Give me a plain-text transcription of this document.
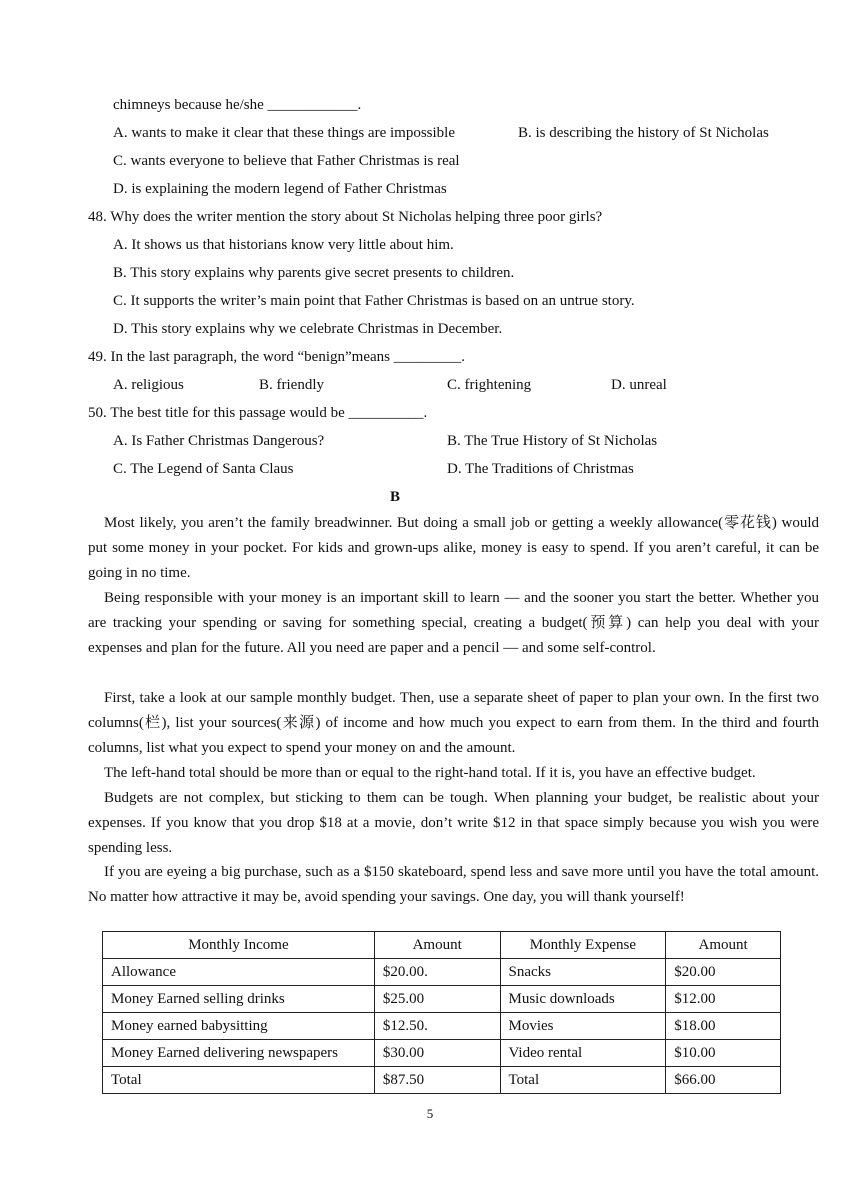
chimneys because he/she ____________.
A. wants to make it clear that these things are impossible	B. is describing the history of St Nicholas
C. wants everyone to believe that Father Christmas is real
D. is explaining the modern legend of Father Christmas
48. Why does the writer mention the story about St Nicholas helping three poor girls?
A. It shows us that historians know very little about him.
B. This story explains why parents give secret presents to children.
C. It supports the writer’s main point that Father Christmas is based on an untrue story.
D. This story explains why we celebrate Christmas in December.
49. In the last paragraph, the word “benign”means _________.
A. religious	B. friendly	C. frightening	D. unreal
50. The best title for this passage would be __________.
A. Is Father Christmas Dangerous?	B. The True History of St Nicholas
C. The Legend of Santa Claus	D. The Traditions of Christmas
B
Most likely, you aren’t the family breadwinner. But doing a small job or getting a weekly allowance(零花钱) would put some money in your pocket. For kids and grown-ups alike, money is easy to spend. If you aren’t careful, it can be going in no time.
Being responsible with your money is an important skill to learn — and the sooner you start the better. Whether you are tracking your spending or saving for something special, creating a budget(预算) can help you deal with your expenses and plan for the future. All you need are paper and a pencil — and some self-control.
First, take a look at our sample monthly budget. Then, use a separate sheet of paper to plan your own. In the first two columns(栏), list your sources(来源) of income and how much you expect to earn from them. In the third and fourth columns, list what you expect to spend your money on and the amount.
The left-hand total should be more than or equal to the right-hand total. If it is, you have an effective budget.
Budgets are not complex, but sticking to them can be tough. When planning your budget, be realistic about your expenses. If you know that you drop $18 at a movie, don’t write $12 in that space simply because you wish you were spending less.
If you are eyeing a big purchase, such as a $150 skateboard, spend less and save more until you have the total amount. No matter how attractive it may be, avoid spending your savings. One day, you will thank yourself!
Monthly Income	Amount	Monthly Expense	Amount
Allowance	$20.00.	Snacks	$20.00
Money Earned selling drinks	$25.00	Music downloads	$12.00
Money earned babysitting	$12.50.	Movies	$18.00
Money Earned delivering newspapers	$30.00	Video rental	$10.00
Total	$87.50	Total	$66.00
5
